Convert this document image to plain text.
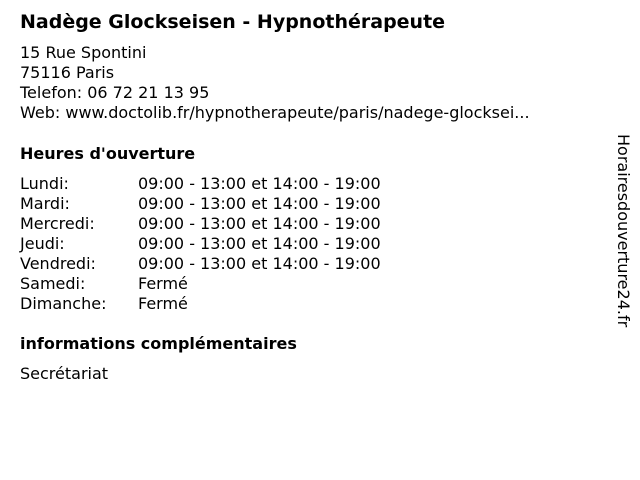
Nadège Glockseisen - Hypnothérapeute
15 Rue Spontini
75116 Paris
Telefon: 06 72 21 13 95
Web: www.doctolib.fr/hypnotherapeute/paris/nadege-glocksei...
Heures d'ouverture
Lundi:	09:00 - 13:00 et 14:00 - 19:00
Mardi:	09:00 - 13:00 et 14:00 - 19:00
Mercredi:	09:00 - 13:00 et 14:00 - 19:00
Jeudi:	09:00 - 13:00 et 14:00 - 19:00
Vendredi:	09:00 - 13:00 et 14:00 - 19:00
Samedi:	Fermé
Dimanche: Fermé
informations complémentaires
Secrétariat
Horairesdouverture24.fr
